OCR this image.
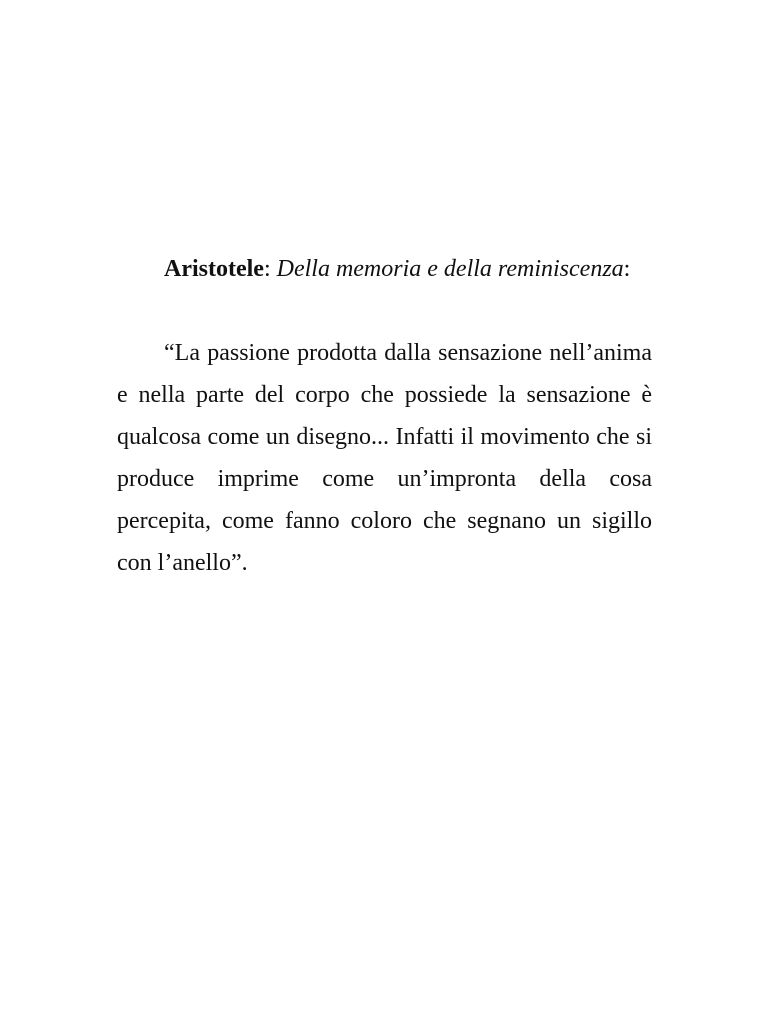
Aristotele: Della memoria e della reminiscenza:

“La passione prodotta dalla sensazione nell’anima e nella parte del corpo che possiede la sensazione è qualcosa come un disegno... Infatti il movimento che si produce imprime come un’impronta della cosa percepita, come fanno coloro che segnano un sigillo con l’anello”.
